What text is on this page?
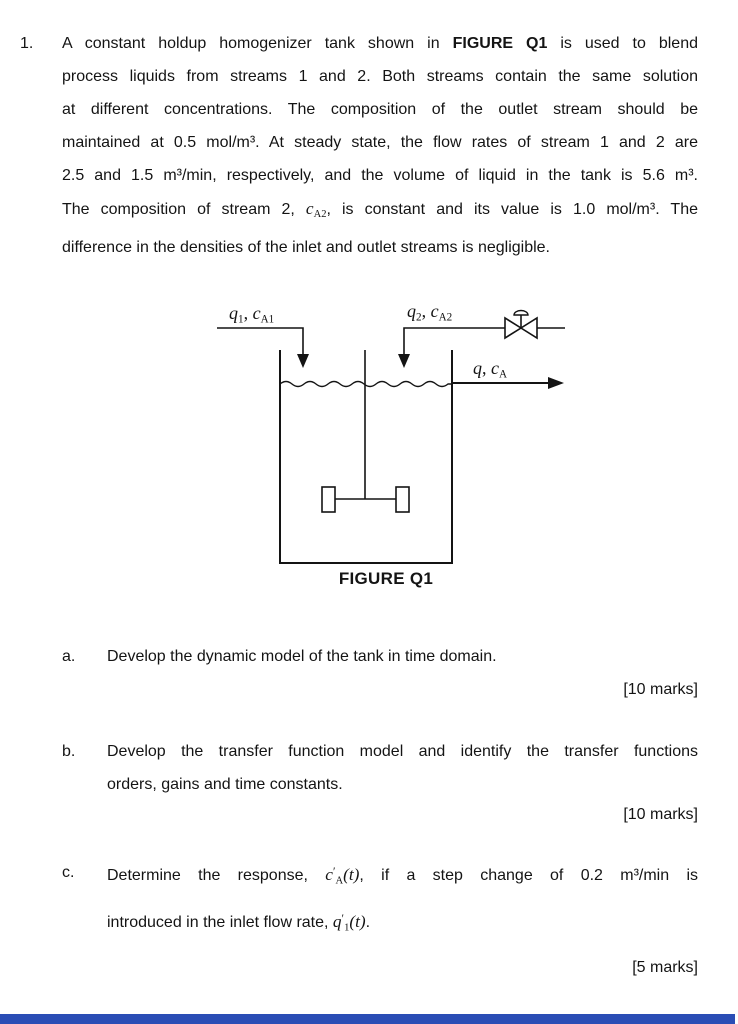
1. A constant holdup homogenizer tank shown in FIGURE Q1 is used to blend
process liquids from streams 1 and 2. Both streams contain the same solution
at different concentrations. The composition of the outlet stream should be
maintained at 0.5 mol/m³. At steady state, the flow rates of stream 1 and 2 are
2.5 and 1.5 m³/min, respectively, and the volume of liquid in the tank is 5.6 m³.
The composition of stream 2, cA2, is constant and its value is 1.0 mol/m³. The
difference in the densities of the inlet and outlet streams is negligible.
q1, cA1	q2, cA2
q, cA
FIGURE Q1
a. Develop the dynamic model of the tank in time domain.
[10 marks]
b. Develop the transfer function model and identify the transfer functions
orders, gains and time constants.
[10 marks]
c. Determine the response, c′A(t), if a step change of 0.2 m³/min is
introduced in the inlet flow rate, q′1(t).
[5 marks]
